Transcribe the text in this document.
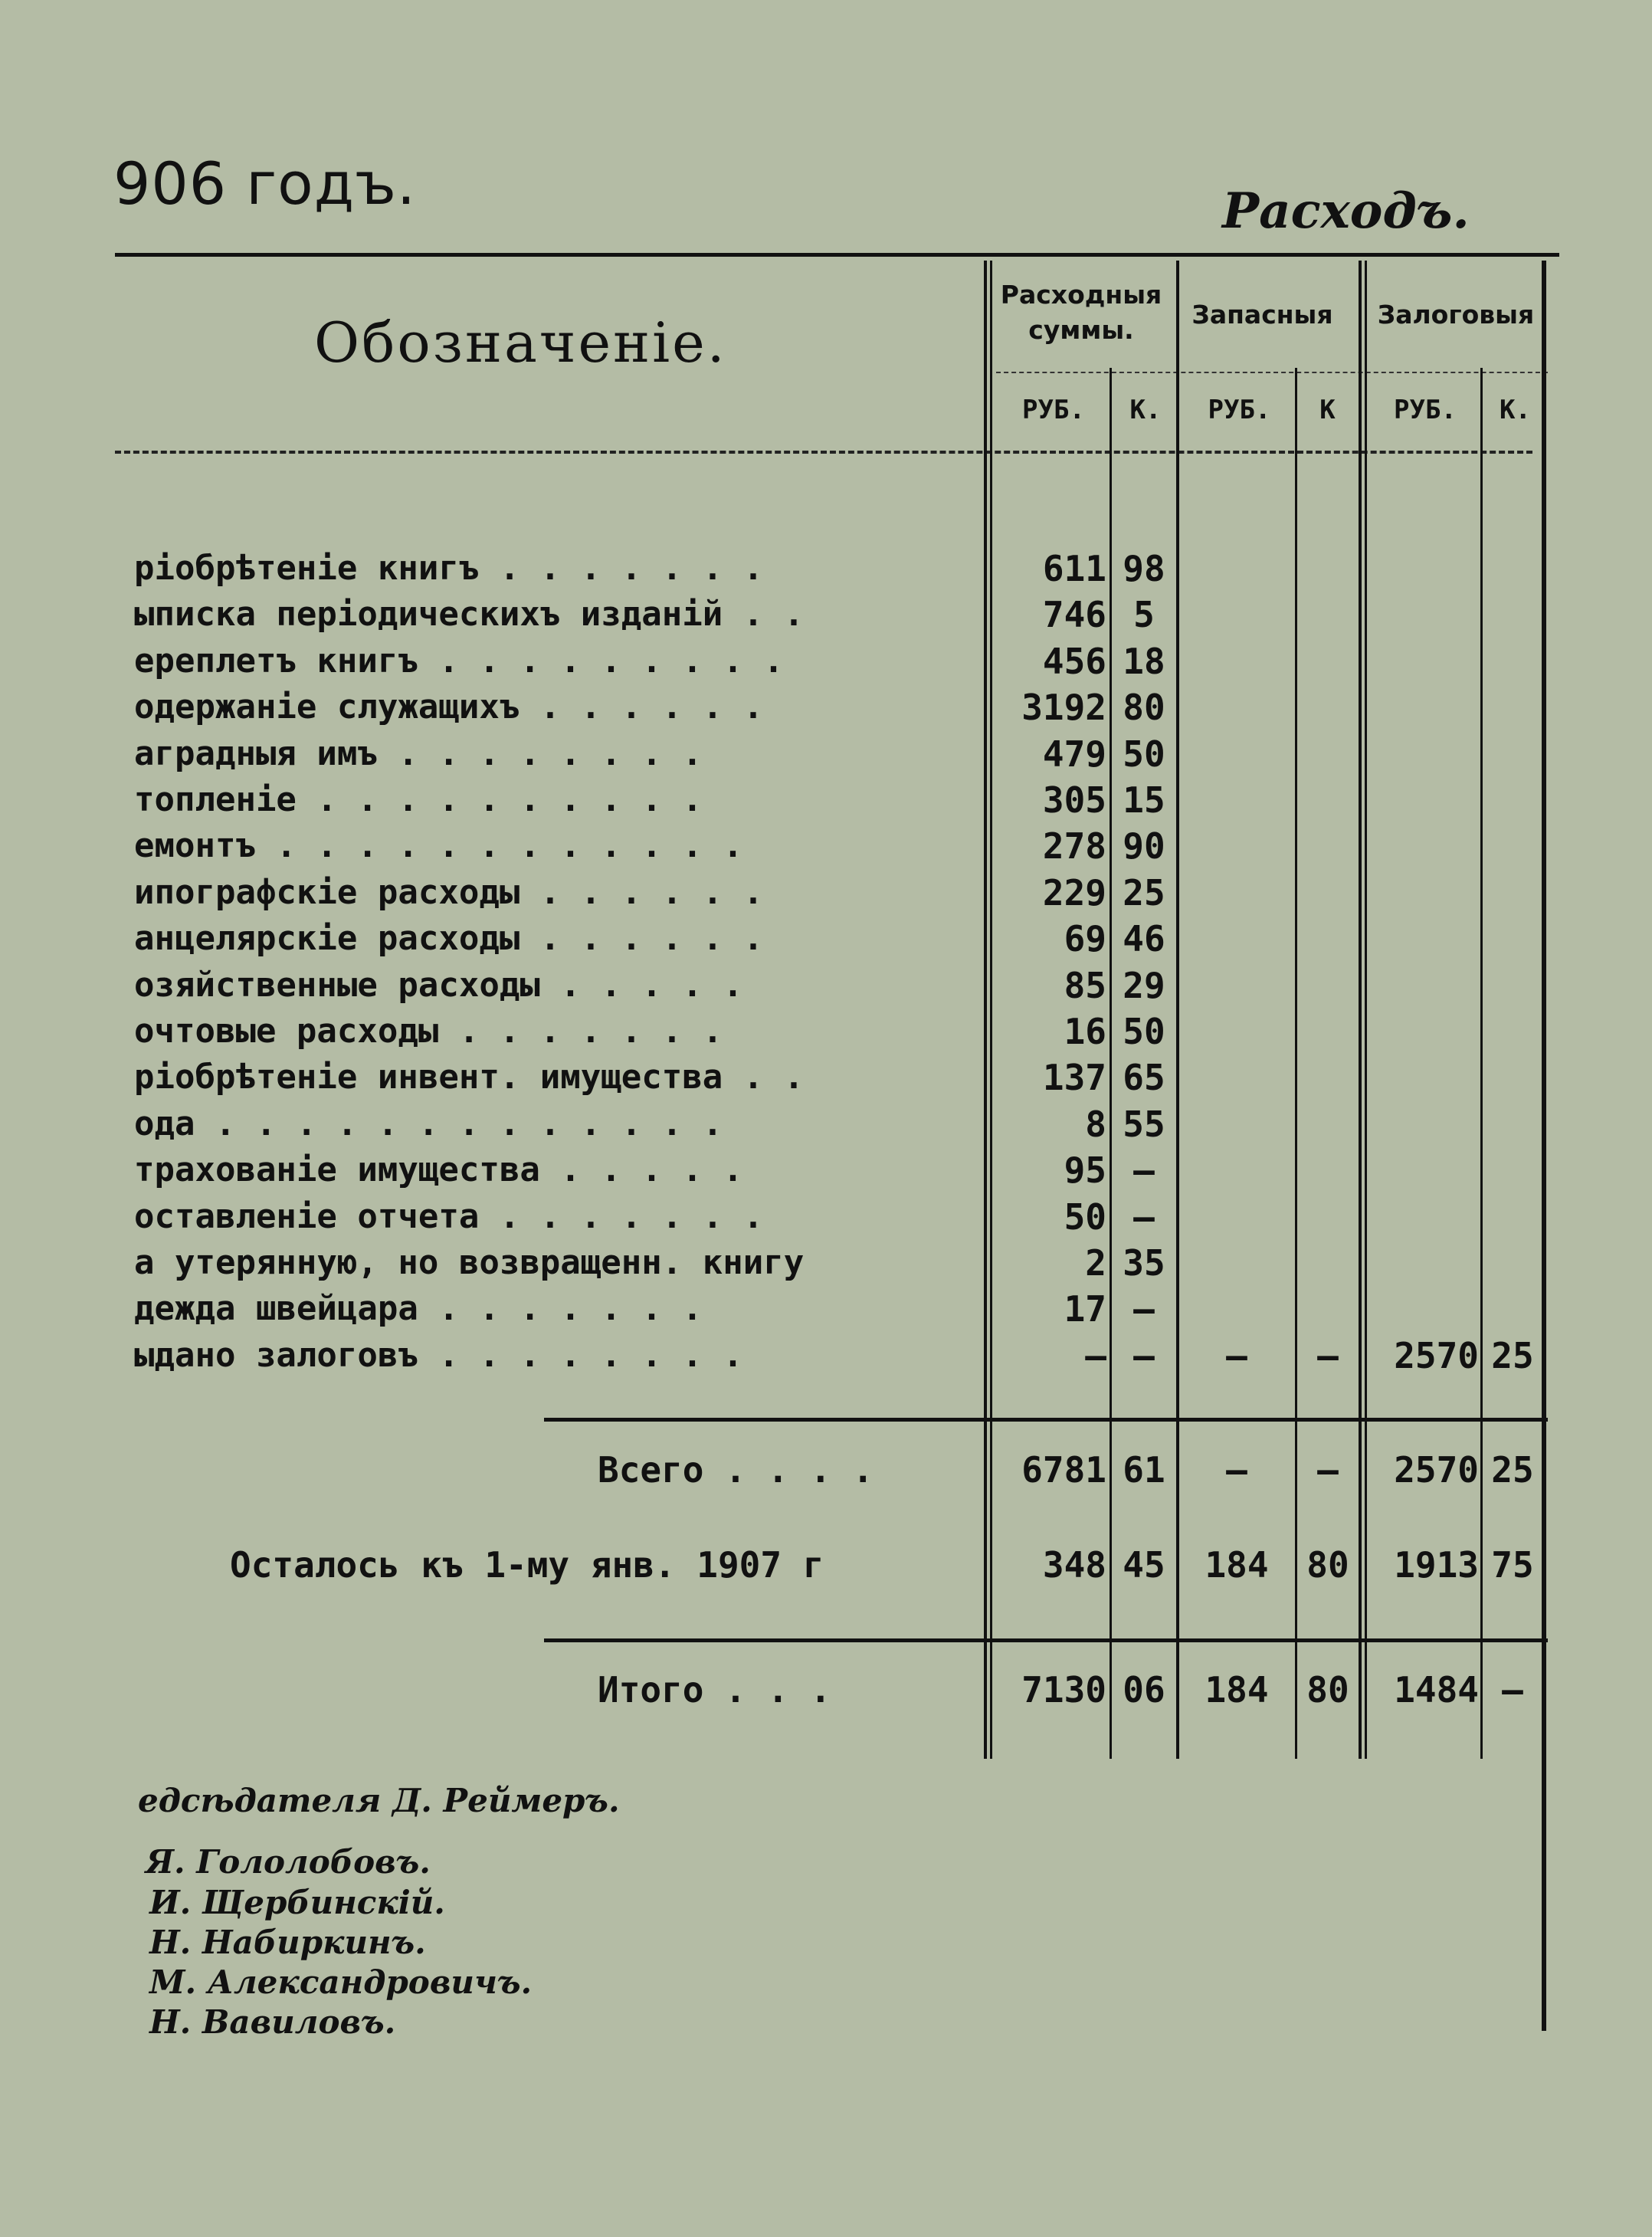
906 годъ.	Расходъ.
Обозначеніе.
Расходныя
суммы.
Запасныя	Залоговыя
РУБ.	К.	РУБ.	К	РУБ.	К.
ріобрѣтеніе книгъ . . . . . . .	611 98
ыписка періодическихъ изданій . .	746 5
ереплетъ книгъ . . . . . . . . .	456 18
одержаніе служащихъ . . . . . .	3192 80
аградныя имъ . . . . . . . .	479 50
топленіе . . . . . . . . . .	305 15
емонтъ . . . . . . . . . . . .	278 90
ипографскіе расходы . . . . . .	229 25
анцелярскіе расходы . . . . . .	69 46
озяйственные расходы . . . . .	85 29
очтовые расходы . . . . . . .	16 50
ріобрѣтеніе инвент. имущества . .	137 65
ода . . . . . . . . . . . . .	8 55
трахованіе имущества . . . . .	95 —
оставленіе отчета . . . . . . .	50 —
а утерянную, но возвращенн. книгу	2 35
дежда швейцара . . . . . . .	17 —
ыдано залоговъ . . . . . . . .	— —	—	—	2570 25
Всего . . . .	6781 61	—	–	2570 25
Осталось къ 1-му янв. 1907 г	348 45	184	80	1913 75
Итого . . .	7130 06	184	80	1484 —
едсѣдателя Д. Реймеръ.
Я. Гололобовъ.
И. Щербинскій.
Н. Набиркинъ.
М. Александровичъ.
Н. Вавиловъ.
